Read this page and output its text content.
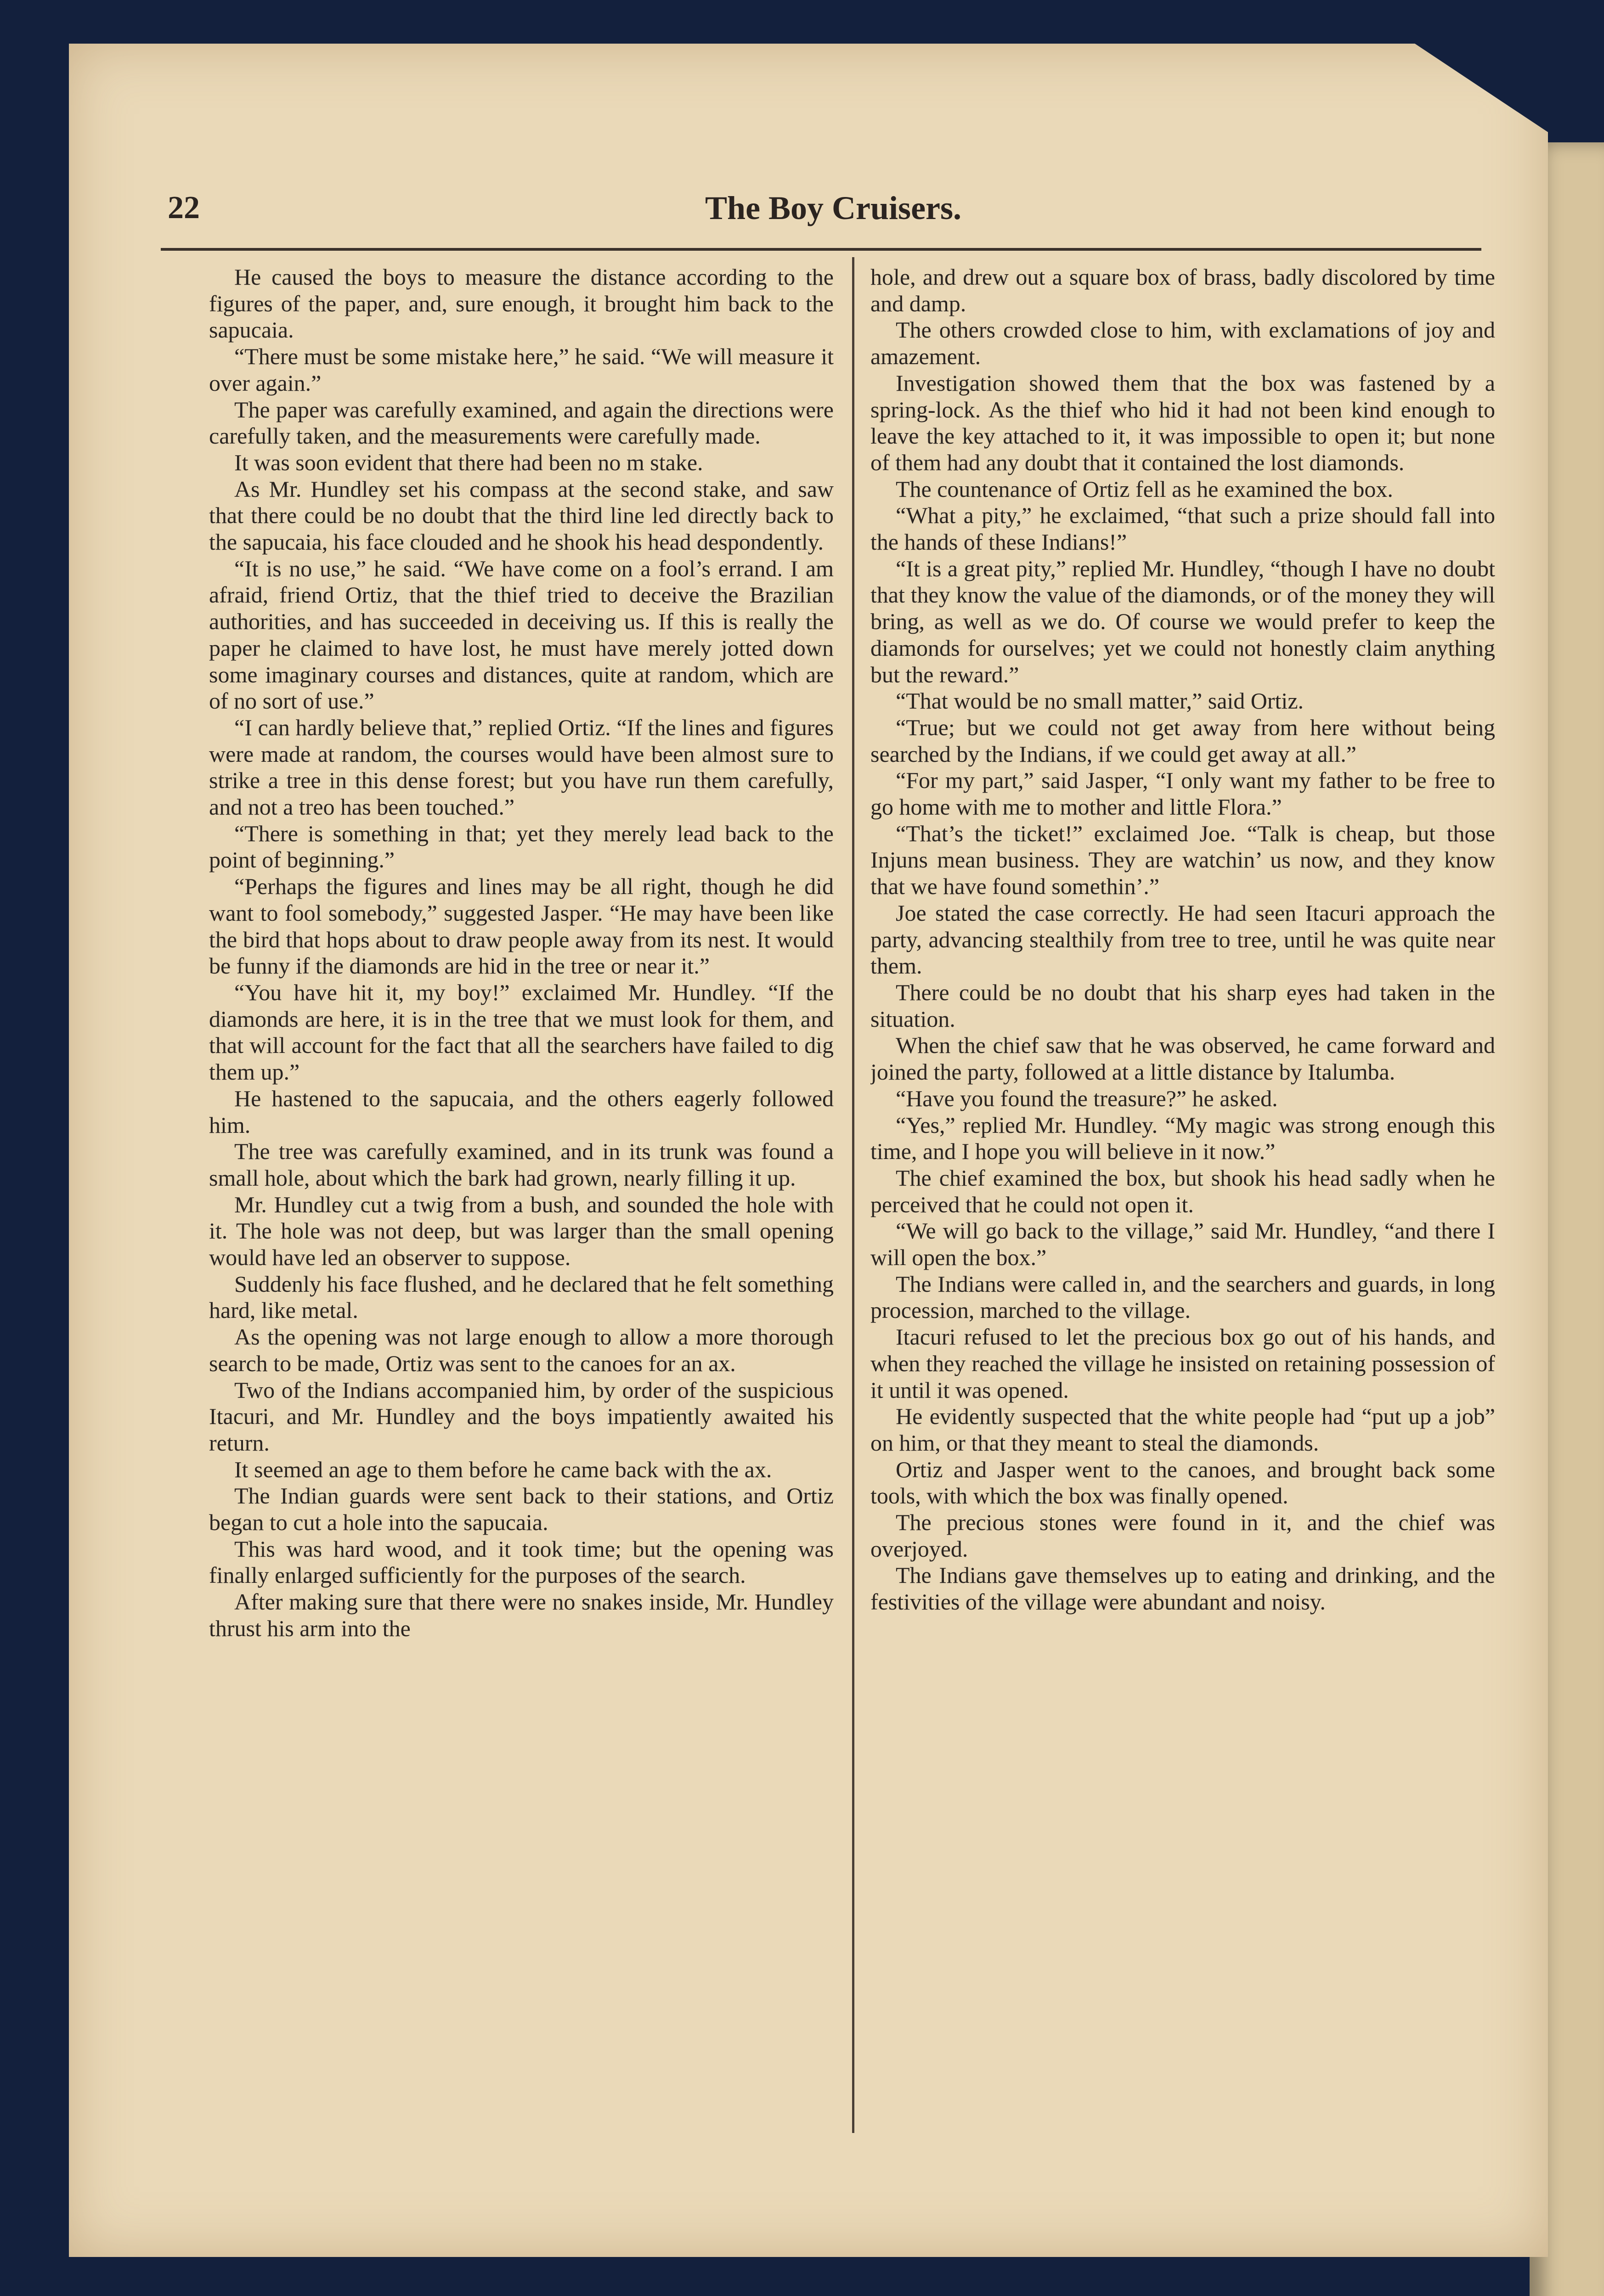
22	The Boy Cruisers.

He caused the boys to measure the distance according to the figures of the paper, and, sure enough, it brought him back to the sapucaia.

“There must be some mistake here,” he said. “We will measure it over again.”

The paper was carefully examined, and again the directions were carefully taken, and the measurements were carefully made.

It was soon evident that there had been no m stake.

As Mr. Hundley set his compass at the second stake, and saw that there could be no doubt that the third line led directly back to the sapucaia, his face clouded and he shook his head despondently.

“It is no use,” he said. “We have come on a fool’s errand. I am afraid, friend Ortiz, that the thief tried to deceive the Brazilian authorities, and has succeeded in deceiving us. If this is really the paper he claimed to have lost, he must have merely jotted down some imaginary courses and distances, quite at random, which are of no sort of use.”

“I can hardly believe that,” replied Ortiz. “If the lines and figures were made at random, the courses would have been almost sure to strike a tree in this dense forest; but you have run them carefully, and not a treo has been touched.”

“There is something in that; yet they merely lead back to the point of beginning.”

“Perhaps the figures and lines may be all right, though he did want to fool somebody,” suggested Jasper. “He may have been like the bird that hops about to draw people away from its nest. It would be funny if the diamonds are hid in the tree or near it.”

“You have hit it, my boy!” exclaimed Mr. Hundley. “If the diamonds are here, it is in the tree that we must look for them, and that will account for the fact that all the searchers have failed to dig them up.”

He hastened to the sapucaia, and the others eagerly followed him.

The tree was carefully examined, and in its trunk was found a small hole, about which the bark had grown, nearly filling it up.

Mr. Hundley cut a twig from a bush, and sounded the hole with it. The hole was not deep, but was larger than the small opening would have led an observer to suppose.

Suddenly his face flushed, and he declared that he felt something hard, like metal.

As the opening was not large enough to allow a more thorough search to be made, Ortiz was sent to the canoes for an ax.

Two of the Indians accompanied him, by order of the suspicious Itacuri, and Mr. Hundley and the boys impatiently awaited his return.

It seemed an age to them before he came back with the ax.

The Indian guards were sent back to their stations, and Ortiz began to cut a hole into the sapucaia.

This was hard wood, and it took time; but the opening was finally enlarged sufficiently for the purposes of the search.

After making sure that there were no snakes inside, Mr. Hundley thrust his arm into the

hole, and drew out a square box of brass, badly discolored by time and damp.

The others crowded close to him, with exclamations of joy and amazement.

Investigation showed them that the box was fastened by a spring-lock. As the thief who hid it had not been kind enough to leave the key attached to it, it was impossible to open it; but none of them had any doubt that it contained the lost diamonds.

The countenance of Ortiz fell as he examined the box.

“What a pity,” he exclaimed, “that such a prize should fall into the hands of these Indians!”

“It is a great pity,” replied Mr. Hundley, “though I have no doubt that they know the value of the diamonds, or of the money they will bring, as well as we do. Of course we would prefer to keep the diamonds for ourselves; yet we could not honestly claim anything but the reward.”

“That would be no small matter,” said Ortiz.

“True; but we could not get away from here without being searched by the Indians, if we could get away at all.”

“For my part,” said Jasper, “I only want my father to be free to go home with me to mother and little Flora.”

“That’s the ticket!” exclaimed Joe. “Talk is cheap, but those Injuns mean business. They are watchin’ us now, and they know that we have found somethin’.”

Joe stated the case correctly. He had seen Itacuri approach the party, advancing stealthily from tree to tree, until he was quite near them.

There could be no doubt that his sharp eyes had taken in the situation.

When the chief saw that he was observed, he came forward and joined the party, followed at a little distance by Italumba.

“Have you found the treasure?” he asked.

“Yes,” replied Mr. Hundley. “My magic was strong enough this time, and I hope you will believe in it now.”

The chief examined the box, but shook his head sadly when he perceived that he could not open it.

“We will go back to the village,” said Mr. Hundley, “and there I will open the box.”

The Indians were called in, and the searchers and guards, in long procession, marched to the village.

Itacuri refused to let the precious box go out of his hands, and when they reached the village he insisted on retaining possession of it until it was opened.

He evidently suspected that the white people had “put up a job” on him, or that they meant to steal the diamonds.

Ortiz and Jasper went to the canoes, and brought back some tools, with which the box was finally opened.

The precious stones were found in it, and the chief was overjoyed.

The Indians gave themselves up to eating and drinking, and the festivities of the village were abundant and noisy.
